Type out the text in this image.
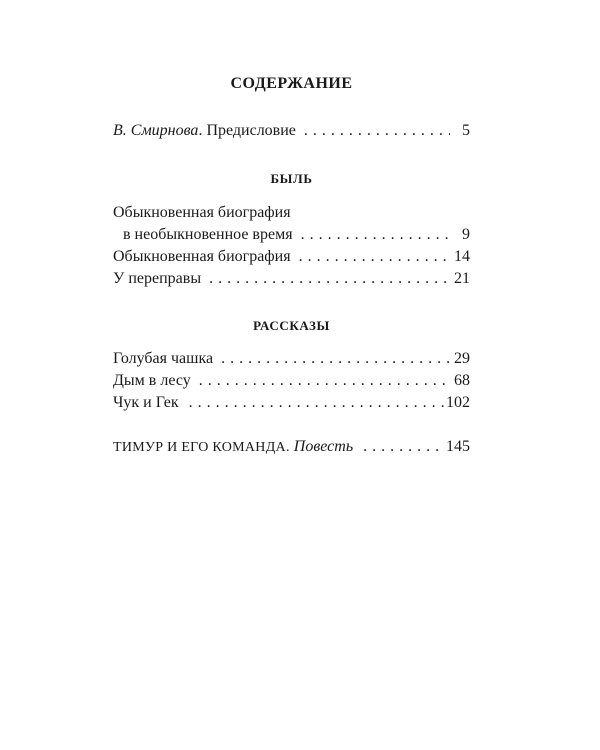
СОДЕРЖАНИЕ
В. Смирнова. Предисловие . . .	5
БЫЛЬ
Обыкновенная биография
в необыкновенное время . . .	9
Обыкновенная биография . . .	14
У переправы . . .	21
РАССКАЗЫ
Голубая чашка . . .	29
Дым в лесу . . .	68
Чук и Гек . . .	102
ТИМУР И ЕГО КОМАНДА. Повесть . . .	145
